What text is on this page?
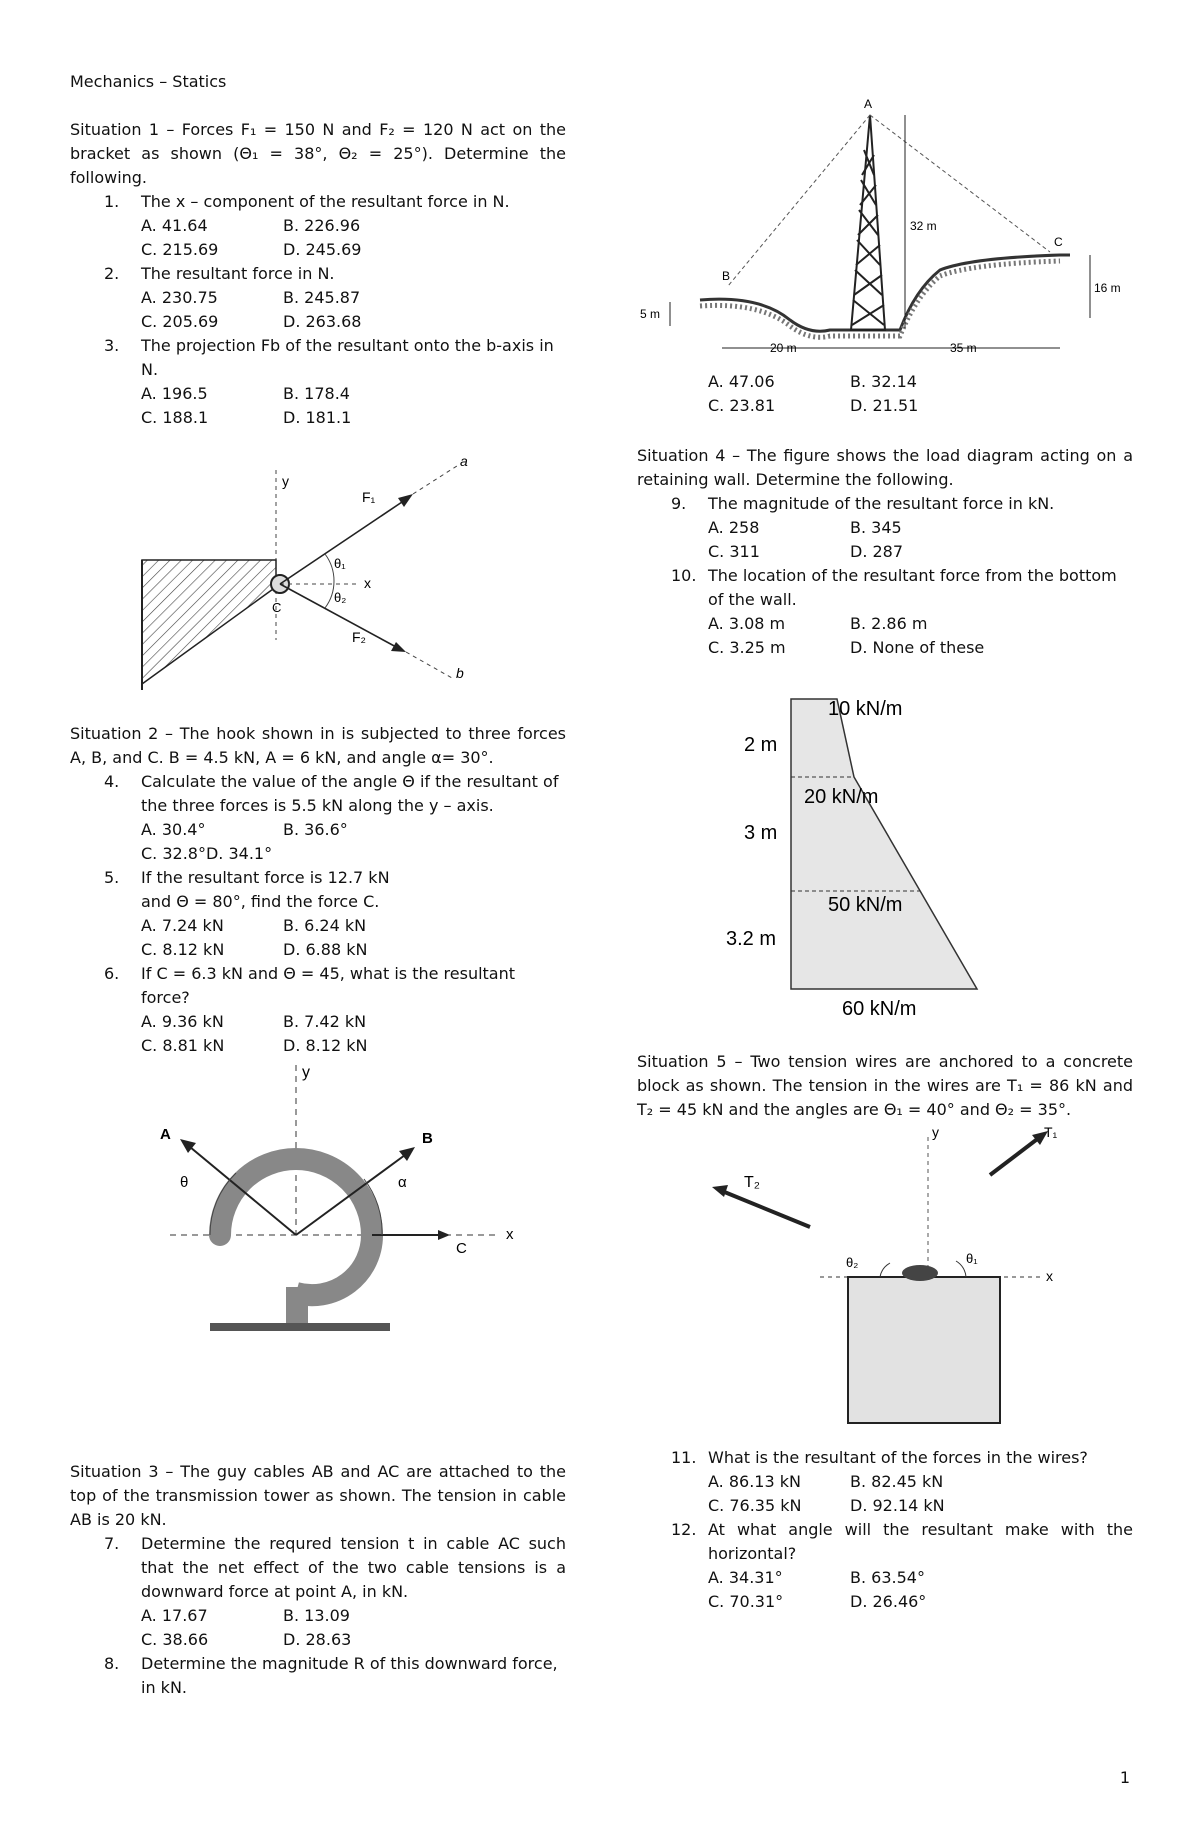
Mechanics – Statics

Situation 1 – Forces F₁ = 150 N and F₂ = 120 N act on the bracket as shown (Θ₁ = 38°, Θ₂ = 25°). Determine the following.

1. The x – component of the resultant force in N.
A. 41.64	B. 226.96
C. 215.69	D. 245.69
2. The resultant force in N.
A. 230.75	B. 245.87
C. 205.69	D. 263.68
3. The projection Fb of the resultant onto the b-axis in N.
A. 196.5	B. 178.4
C. 188.1	D. 181.1
y
F₁
a
θ₁
θ₂
x
C
F₂
b

Situation 2 – The hook shown in is subjected to three forces A, B, and C. B = 4.5 kN, A = 6 kN, and angle α= 30°.

4. Calculate the value of the angle Θ if the resultant of the three forces is 5.5 kN along the y – axis.
A. 30.4°	B. 36.6°
C. 32.8°D. 34.1°
5. If the resultant force is 12.7 kN and Θ = 80°, find the force C.
A. 7.24 kN	B. 6.24 kN
C. 8.12 kN	D. 6.88 kN
6. If C = 6.3 kN and Θ = 45, what is the resultant force?
A. 9.36 kN	B. 7.42 kN
C. 8.81 kN	D. 8.12 kN
y
A	B
θ	α
C
x

Situation 3 – The guy cables AB and AC are attached to the top of the transmission tower as shown. The tension in cable AB is 20 kN.

7. Determine the requred tension t in cable AC such that the net effect of the two cable tensions is a downward force at point A, in kN.
A. 17.67	B. 13.09
C. 38.66	D. 28.63
8. Determine the magnitude R of this downward force, in kN.
A
B
C
32 m
16 m
5 m
20 m	35 m
A. 47.06	B. 32.14
C. 23.81	D. 21.51

Situation 4 – The figure shows the load diagram acting on a retaining wall. Determine the following.

9. The magnitude of the resultant force in kN.
A. 258	B. 345
C. 311	D. 287
10. The location of the resultant force from the bottom of the wall.
A. 3.08 m	B. 2.86 m
C. 3.25 m	D. None of these
10 kN/m
20 kN/m
50 kN/m
60 kN/m
2 m
3 m
3.2 m

Situation 5 – Two tension wires are anchored to a concrete block as shown. The tension in the wires are T₁ = 86 kN and T₂ = 45 kN and the angles are Θ₁ = 40° and Θ₂ = 35°.

y	T₁
T₂
θ₂	θ₁
x
11. What is the resultant of the forces in the wires?
A. 86.13 kN	B. 82.45 kN
C. 76.35 kN	D. 92.14 kN
12. At what angle will the resultant make with the horizontal?
A. 34.31°	B. 63.54°
C. 70.31°	D. 26.46°
1
